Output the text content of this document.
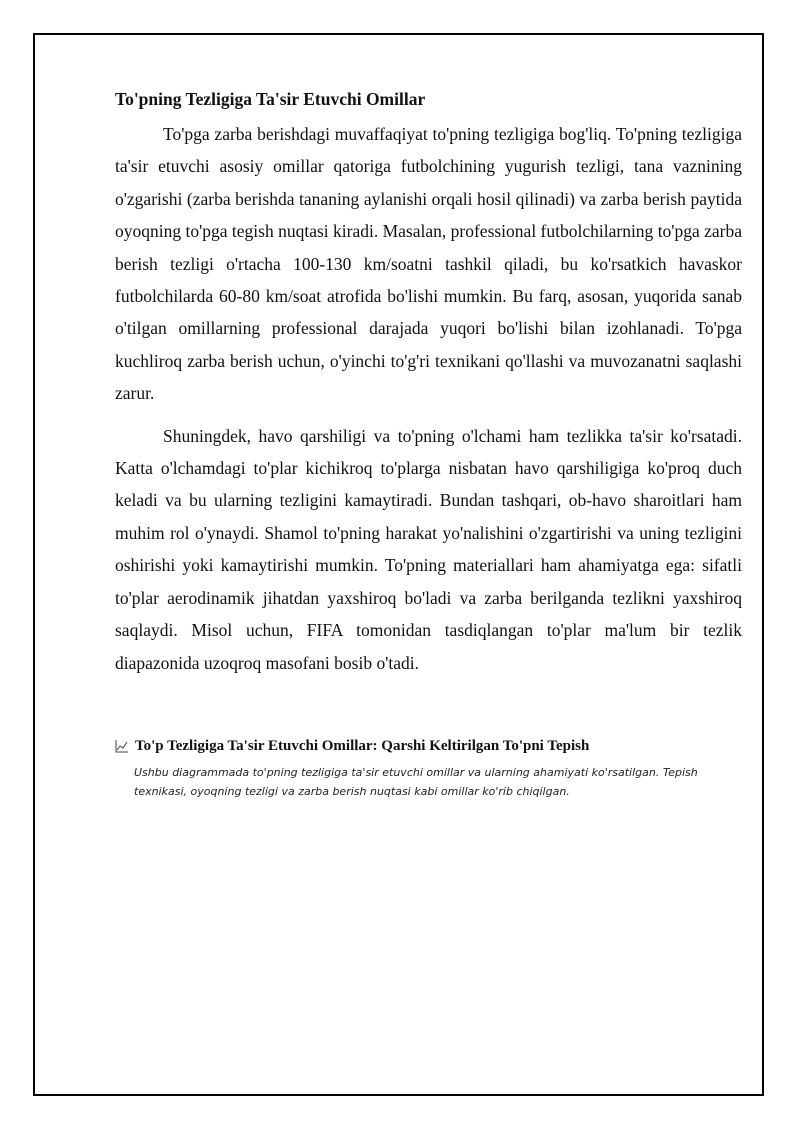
To'pning Tezligiga Ta'sir Etuvchi Omillar

To'pga zarba berishdagi muvaffaqiyat to'pning tezligiga bog'liq. To'pning tezligiga ta'sir etuvchi asosiy omillar qatoriga futbolchining yugurish tezligi, tana vaznining o'zgarishi (zarba berishda tananing aylanishi orqali hosil qilinadi) va zarba berish paytida oyoqning to'pga tegish nuqtasi kiradi. Masalan, professional futbolchilarning to'pga zarba berish tezligi o'rtacha 100-130 km/soatni tashkil qiladi, bu ko'rsatkich havaskor futbolchilarda 60-80 km/soat atrofida bo'lishi mumkin. Bu farq, asosan, yuqorida sanab o'tilgan omillarning professional darajada yuqori bo'lishi bilan izohlanadi. To'pga kuchliroq zarba berish uchun, o'yinchi to'g'ri texnikani qo'llashi va muvozanatni saqlashi zarur.

Shuningdek, havo qarshiligi va to'pning o'lchami ham tezlikka ta'sir ko'rsatadi. Katta o'lchamdagi to'plar kichikroq to'plarga nisbatan havo qarshiligiga ko'proq duch keladi va bu ularning tezligini kamaytiradi. Bundan tashqari, ob-havo sharoitlari ham muhim rol o'ynaydi. Shamol to'pning harakat yo'nalishini o'zgartirishi va uning tezligini oshirishi yoki kamaytirishi mumkin. To'pning materiallari ham ahamiyatga ega: sifatli to'plar aerodinamik jihatdan yaxshiroq bo'ladi va zarba berilganda tezlikni yaxshiroq saqlaydi. Misol uchun, FIFA tomonidan tasdiqlangan to'plar ma'lum bir tezlik diapazonida uzoqroq masofani bosib o'tadi.

To'p Tezligiga Ta'sir Etuvchi Omillar: Qarshi Keltirilgan To'pni Tepish
Ushbu diagrammada to'pning tezligiga ta'sir etuvchi omillar va ularning ahamiyati ko'rsatilgan. Tepish texnikasi, oyoqning tezligi va zarba berish nuqtasi kabi omillar ko'rib chiqilgan.
